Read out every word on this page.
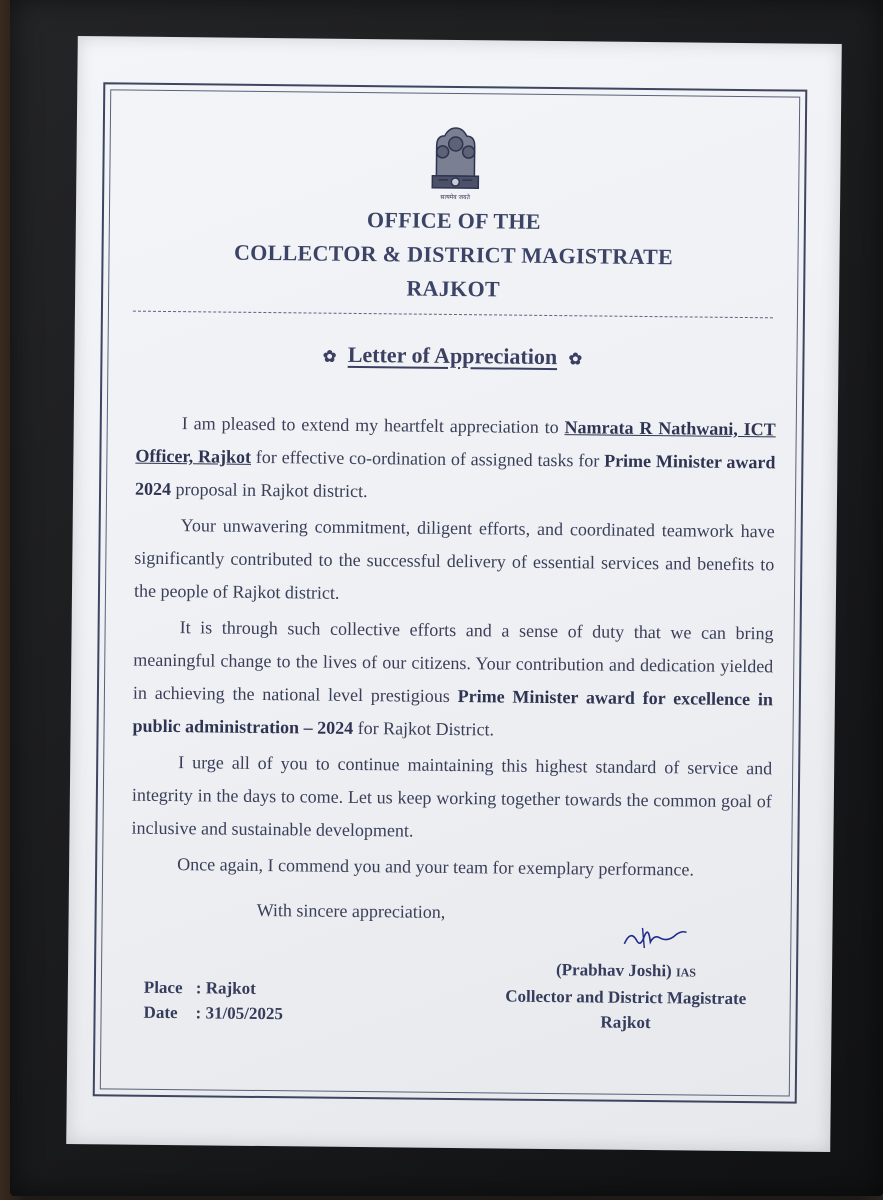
सत्यमेव जयते
OFFICE OF THE
COLLECTOR & DISTRICT MAGISTRATE
RAJKOT
✿ Letter of Appreciation ✿

I am pleased to extend my heartfelt appreciation to Namrata R Nathwani, ICT Officer, Rajkot for effective co-ordination of assigned tasks for Prime Minister award 2024 proposal in Rajkot district.

Your unwavering commitment, diligent efforts, and coordinated teamwork have significantly contributed to the successful delivery of essential services and benefits to the people of Rajkot district.

It is through such collective efforts and a sense of duty that we can bring meaningful change to the lives of our citizens. Your contribution and dedication yielded in achieving the national level prestigious Prime Minister award for excellence in public administration – 2024 for Rajkot District.

I urge all of you to continue maintaining this highest standard of service and integrity in the days to come. Let us keep working together towards the common goal of inclusive and sustainable development.

Once again, I commend you and your team for exemplary performance.

With sincere appreciation,
(Prabhav Joshi) IAS
Collector and District Magistrate
Rajkot
Place : Rajkot
Date : 31/05/2025
